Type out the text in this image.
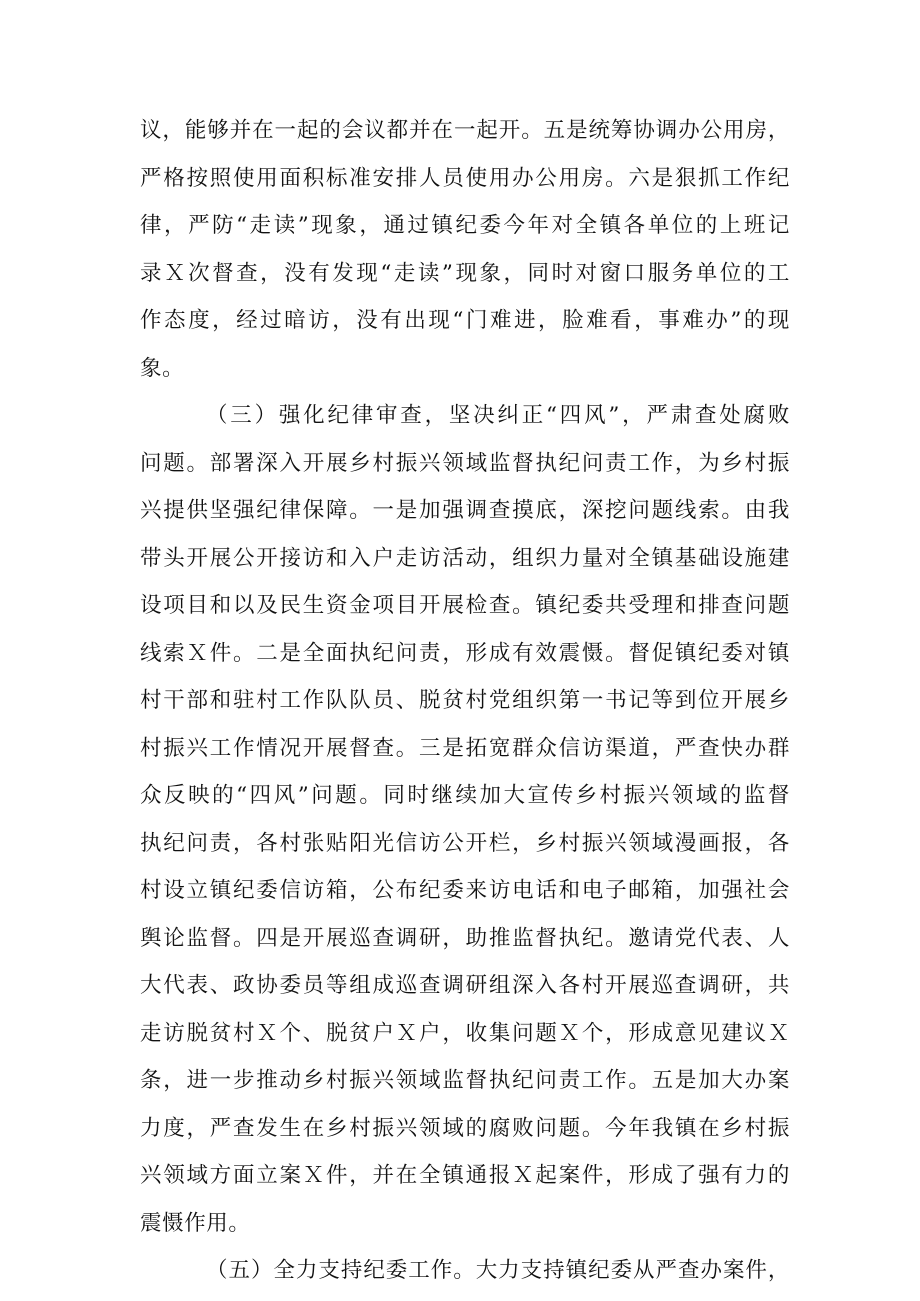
议，能够并在一起的会议都并在一起开。五是统筹协调办公用房，
严格按照使用面积标准安排人员使用办公用房。六是狠抓工作纪
律，严防“走读”现象，通过镇纪委今年对全镇各单位的上班记
录Ｘ次督查，没有发现“走读”现象，同时对窗口服务单位的工
作态度，经过暗访，没有出现“门难进，脸难看，事难办”的现
象。
（三）强化纪律审查，坚决纠正“四风”，严肃查处腐败
问题。部署深入开展乡村振兴领域监督执纪问责工作，为乡村振
兴提供坚强纪律保障。一是加强调查摸底，深挖问题线索。由我
带头开展公开接访和入户走访活动，组织力量对全镇基础设施建
设项目和以及民生资金项目开展检查。镇纪委共受理和排查问题
线索Ｘ件。二是全面执纪问责，形成有效震慑。督促镇纪委对镇
村干部和驻村工作队队员、脱贫村党组织第一书记等到位开展乡
村振兴工作情况开展督查。三是拓宽群众信访渠道，严查快办群
众反映的“四风”问题。同时继续加大宣传乡村振兴领域的监督
执纪问责，各村张贴阳光信访公开栏，乡村振兴领域漫画报，各
村设立镇纪委信访箱，公布纪委来访电话和电子邮箱，加强社会
舆论监督。四是开展巡查调研，助推监督执纪。邀请党代表、人
大代表、政协委员等组成巡查调研组深入各村开展巡查调研，共
走访脱贫村Ｘ个、脱贫户Ｘ户，收集问题Ｘ个，形成意见建议Ｘ
条，进一步推动乡村振兴领域监督执纪问责工作。五是加大办案
力度，严查发生在乡村振兴领域的腐败问题。今年我镇在乡村振
兴领域方面立案Ｘ件，并在全镇通报Ｘ起案件，形成了强有力的
震慑作用。
（五）全力支持纪委工作。大力支持镇纪委从严查办案件，
